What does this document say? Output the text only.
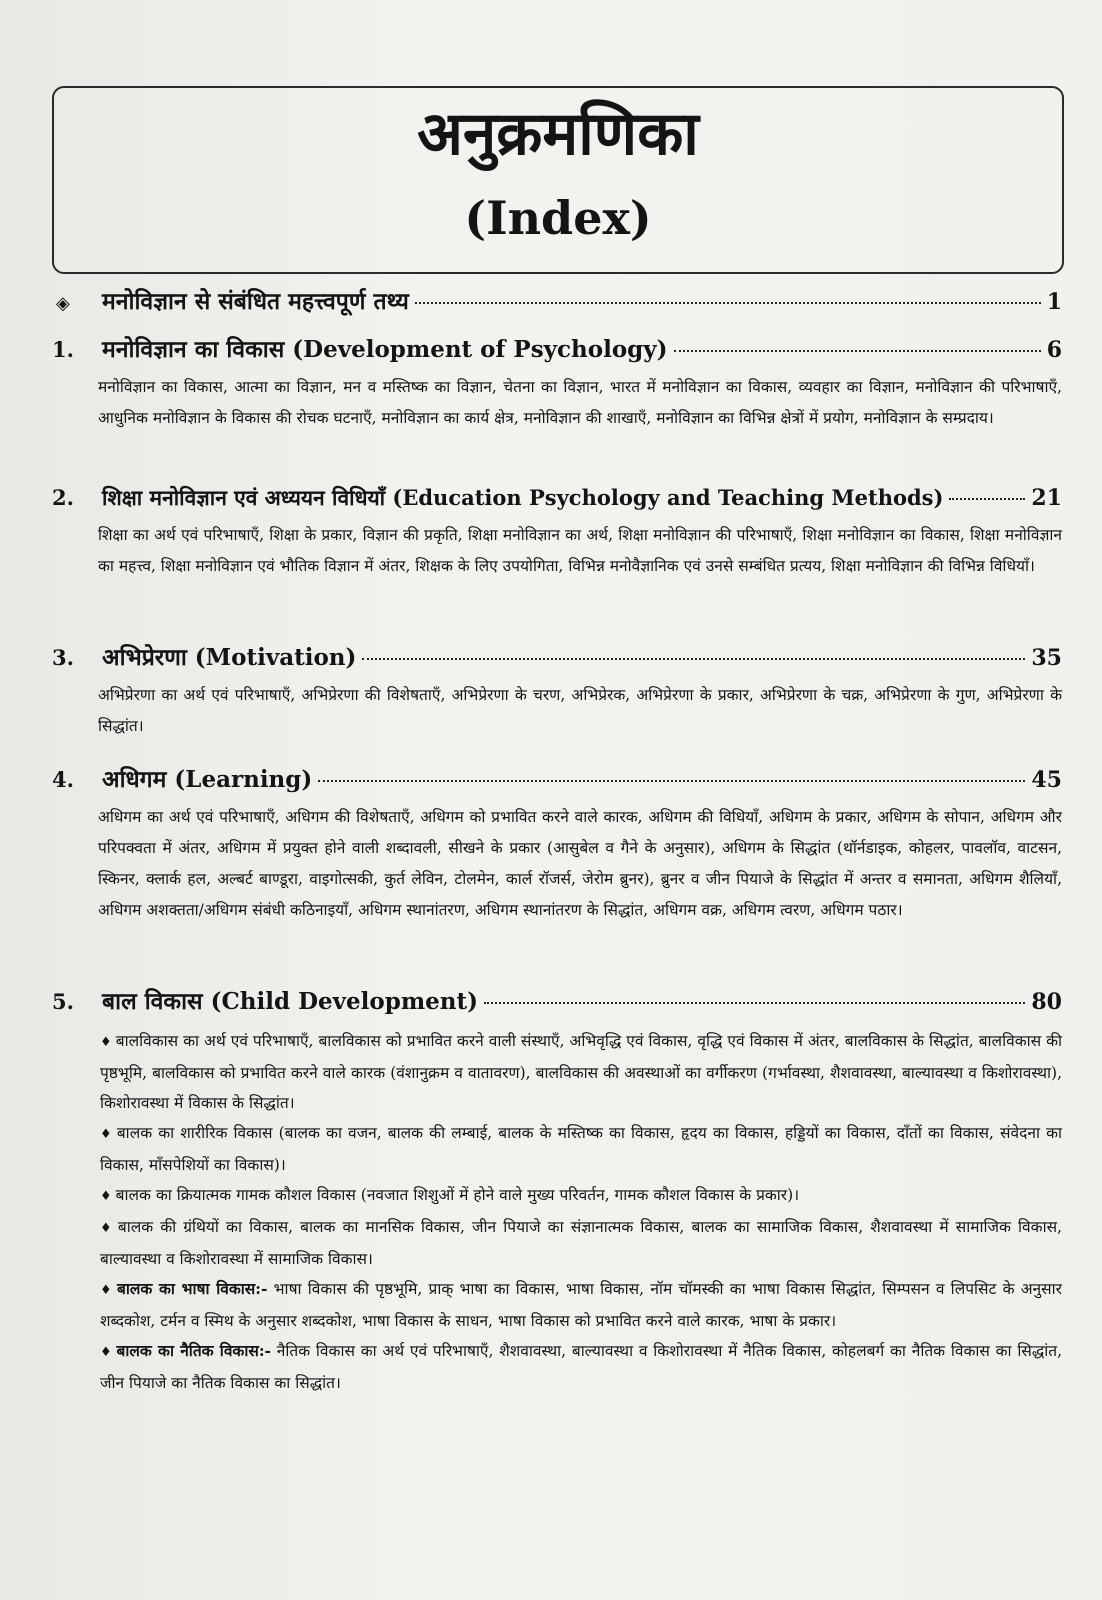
अनुक्रमणिका
(Index)
◈	मनोविज्ञान से संबंधित महत्त्वपूर्ण तथ्य	1
1.	मनोविज्ञान का विकास (Development of Psychology)	6
मनोविज्ञान का विकास, आत्मा का विज्ञान, मन व मस्तिष्क का विज्ञान, चेतना का विज्ञान, भारत में मनोविज्ञान का विकास, व्यवहार का विज्ञान, मनोविज्ञान की परिभाषाएँ, आधुनिक मनोविज्ञान के विकास की रोचक घटनाएँ, मनोविज्ञान का कार्य क्षेत्र, मनोविज्ञान की शाखाएँ, मनोविज्ञान का विभिन्न क्षेत्रों में प्रयोग, मनोविज्ञान के सम्प्रदाय।
2.	शिक्षा मनोविज्ञान एवं अध्ययन विधियाँ (Education Psychology and Teaching Methods)	21
शिक्षा का अर्थ एवं परिभाषाएँ, शिक्षा के प्रकार, विज्ञान की प्रकृति, शिक्षा मनोविज्ञान का अर्थ, शिक्षा मनोविज्ञान की परिभाषाएँ, शिक्षा मनोविज्ञान का विकास, शिक्षा मनोविज्ञान का महत्त्व, शिक्षा मनोविज्ञान एवं भौतिक विज्ञान में अंतर, शिक्षक के लिए उपयोगिता, विभिन्न मनोवैज्ञानिक एवं उनसे सम्बंधित प्रत्यय, शिक्षा मनोविज्ञान की विभिन्न विधियाँ।
3.	अभिप्रेरणा (Motivation)	35
अभिप्रेरणा का अर्थ एवं परिभाषाएँ, अभिप्रेरणा की विशेषताएँ, अभिप्रेरणा के चरण, अभिप्रेरक, अभिप्रेरणा के प्रकार, अभिप्रेरणा के चक्र, अभिप्रेरणा के गुण, अभिप्रेरणा के सिद्धांत।
4.	अधिगम (Learning)	45
अधिगम का अर्थ एवं परिभाषाएँ, अधिगम की विशेषताएँ, अधिगम को प्रभावित करने वाले कारक, अधिगम की विधियाँ, अधिगम के प्रकार, अधिगम के सोपान, अधिगम और परिपक्वता में अंतर, अधिगम में प्रयुक्त होने वाली शब्दावली, सीखने के प्रकार (आसुबेल व गैने के अनुसार), अधिगम के सिद्धांत (थॉर्नडाइक, कोहलर, पावलॉव, वाटसन, स्किनर, क्लार्क हल, अल्बर्ट बाण्डूरा, वाइगोत्सकी, कुर्त लेविन, टोलमेन, कार्ल रॉजर्स, जेरोम ब्रुनर), ब्रुनर व जीन पियाजे के सिद्धांत में अन्तर व समानता, अधिगम शैलियाँ, अधिगम अशक्तता/अधिगम संबंधी कठिनाइयाँ, अधिगम स्थानांतरण, अधिगम स्थानांतरण के सिद्धांत, अधिगम वक्र, अधिगम त्वरण, अधिगम पठार।
5.	बाल विकास (Child Development)	80
♦ बालविकास का अर्थ एवं परिभाषाएँ, बालविकास को प्रभावित करने वाली संस्थाएँ, अभिवृद्धि एवं विकास, वृद्धि एवं विकास में अंतर, बालविकास के सिद्धांत, बालविकास की पृष्ठभूमि, बालविकास को प्रभावित करने वाले कारक (वंशानुक्रम व वातावरण), बालविकास की अवस्थाओं का वर्गीकरण (गर्भावस्था, शैशवावस्था, बाल्यावस्था व किशोरावस्था), किशोरावस्था में विकास के सिद्धांत।
♦ बालक का शारीरिक विकास (बालक का वजन, बालक की लम्बाई, बालक के मस्तिष्क का विकास, हृदय का विकास, हड्डियों का विकास, दाँतों का विकास, संवेदना का विकास, माँसपेशियों का विकास)।
♦ बालक का क्रियात्मक गामक कौशल विकास (नवजात शिशुओं में होने वाले मुख्य परिवर्तन, गामक कौशल विकास के प्रकार)।
♦ बालक की ग्रंथियों का विकास, बालक का मानसिक विकास, जीन पियाजे का संज्ञानात्मक विकास, बालक का सामाजिक विकास, शैशवावस्था में सामाजिक विकास, बाल्यावस्था व किशोरावस्था में सामाजिक विकास।
♦ बालक का भाषा विकास:- भाषा विकास की पृष्ठभूमि, प्राक् भाषा का विकास, भाषा विकास, नॉम चॉमस्की का भाषा विकास सिद्धांत, सिम्पसन व लिपसिट के अनुसार शब्दकोश, टर्मन व स्मिथ के अनुसार शब्दकोश, भाषा विकास के साधन, भाषा विकास को प्रभावित करने वाले कारक, भाषा के प्रकार।
♦ बालक का नैतिक विकास:- नैतिक विकास का अर्थ एवं परिभाषाएँ, शैशवावस्था, बाल्यावस्था व किशोरावस्था में नैतिक विकास, कोहलबर्ग का नैतिक विकास का सिद्धांत, जीन पियाजे का नैतिक विकास का सिद्धांत।
